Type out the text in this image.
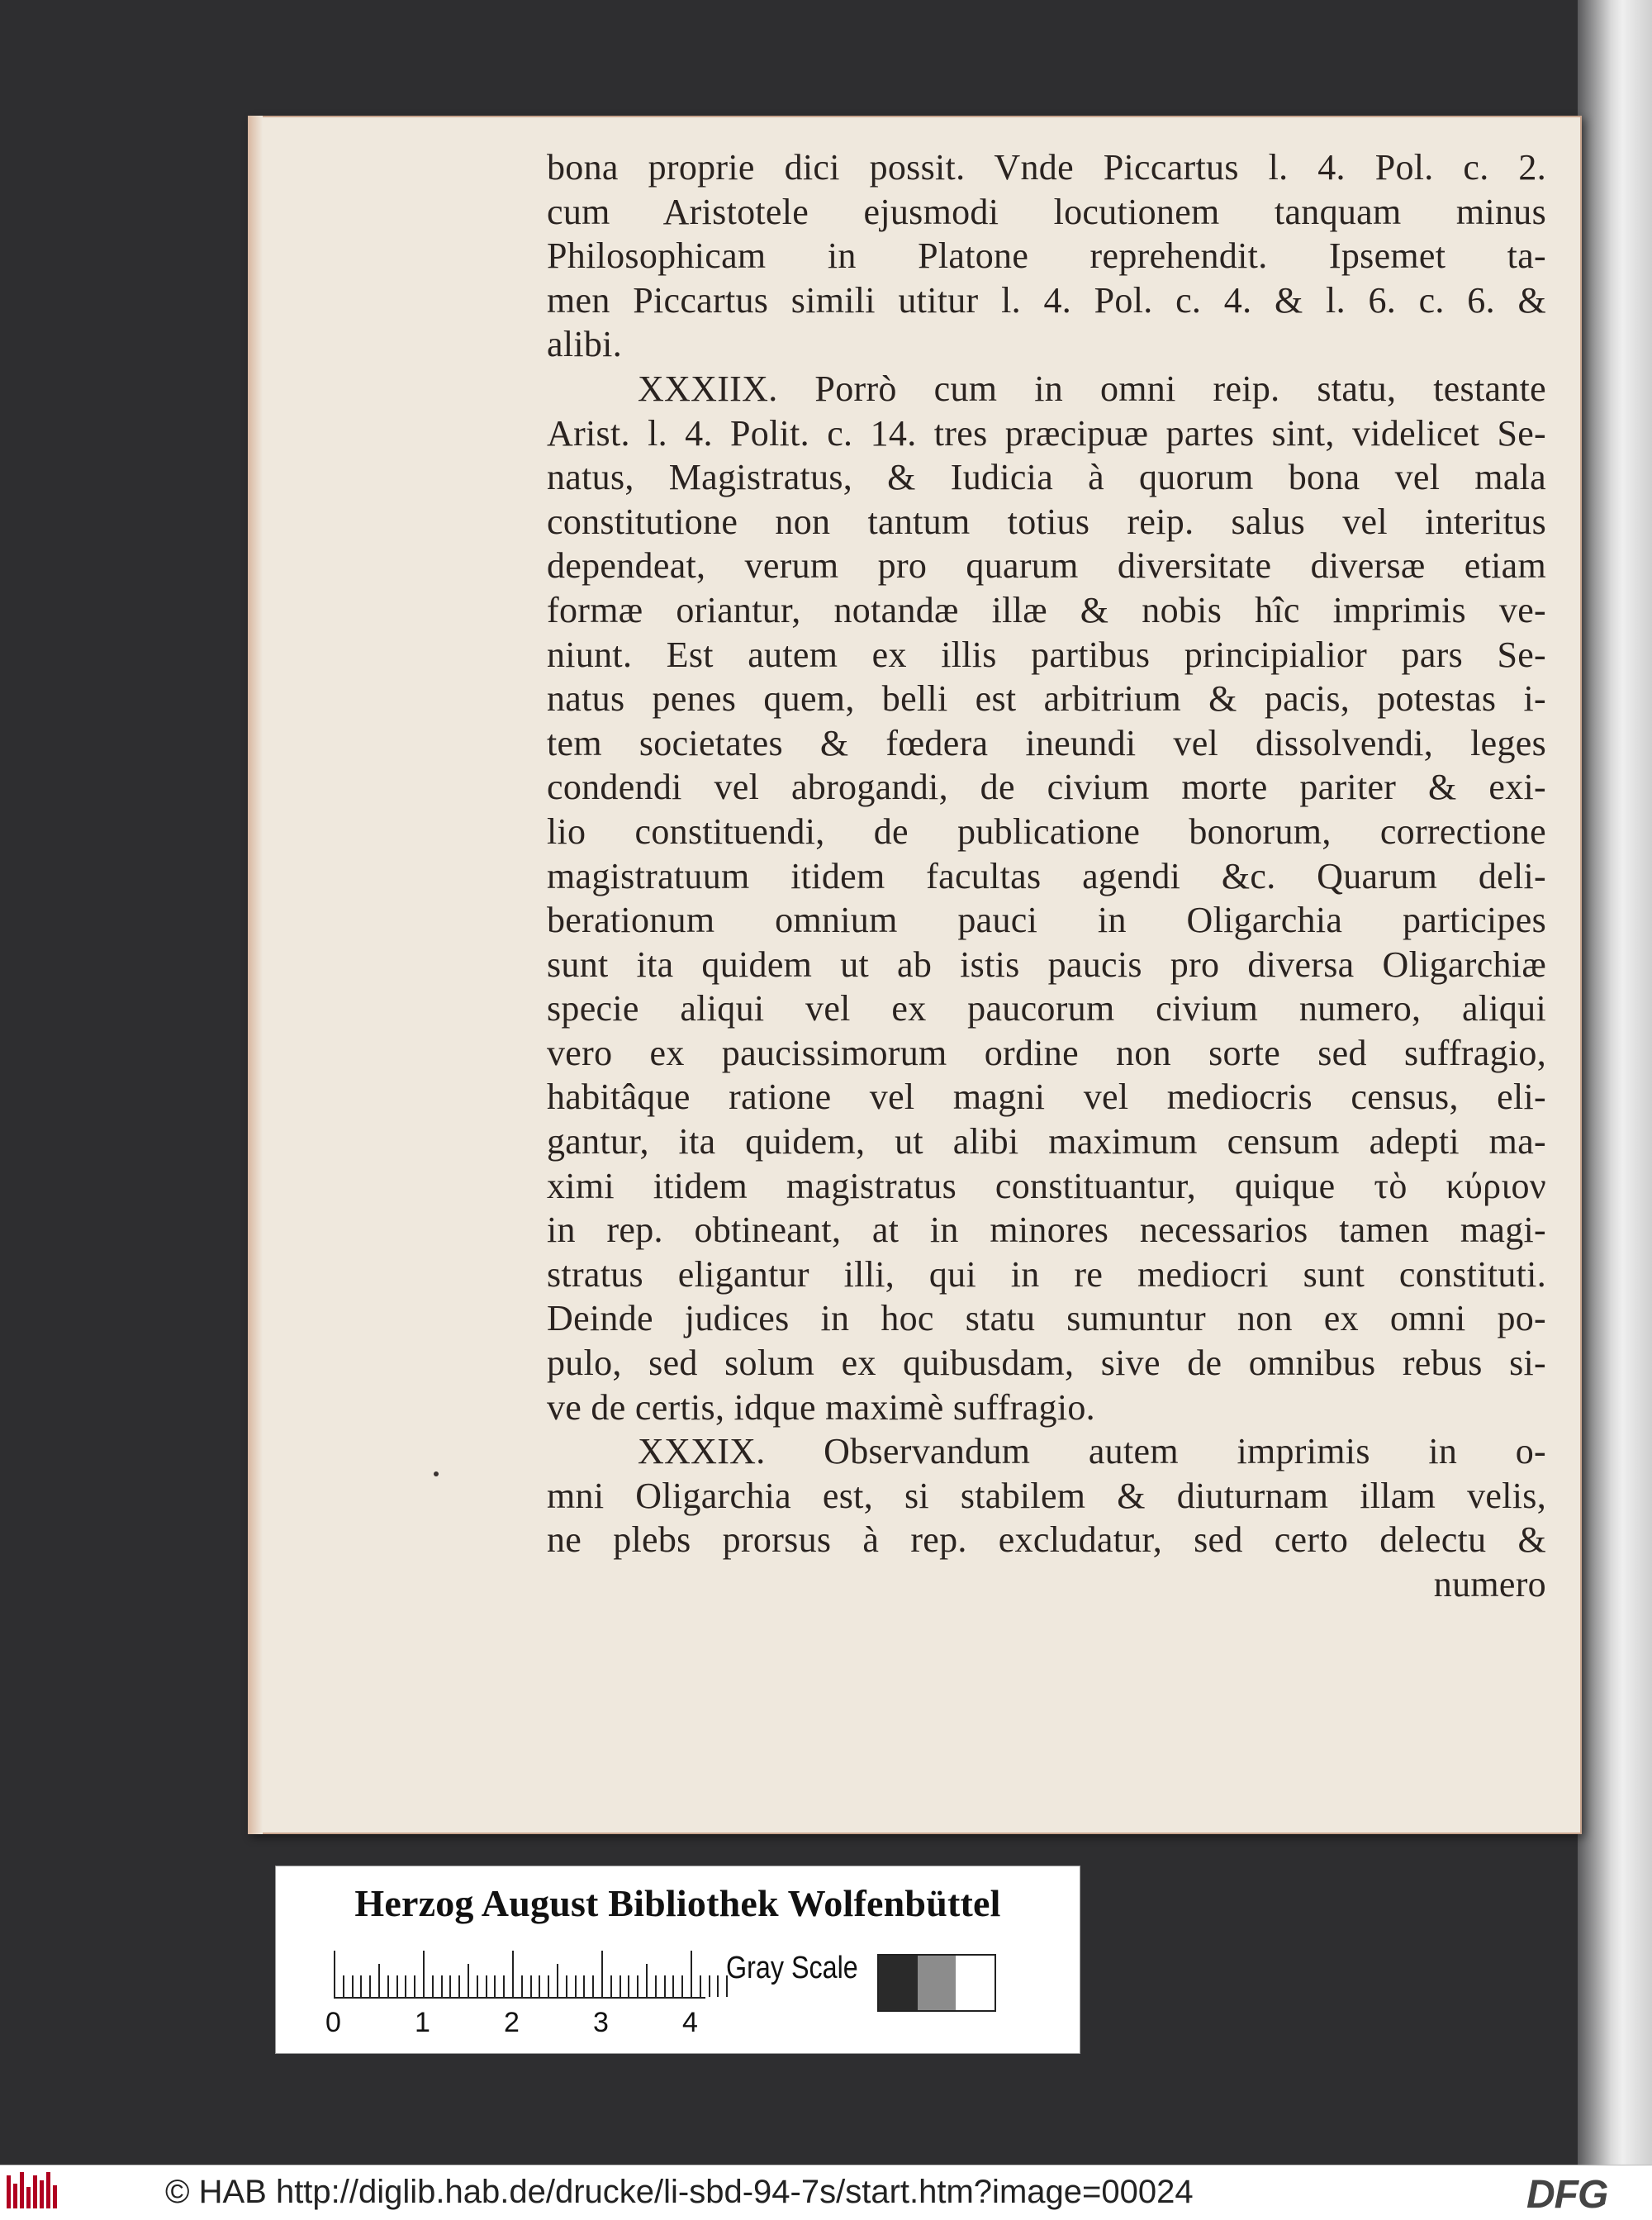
bona proprie dici possit. Vnde Piccartus l. 4. Pol. c. 2.
cum Aristotele ejusmodi locutionem tanquam minus
Philosophicam in Platone reprehendit. Ipsemet ta-
men Piccartus simili utitur l. 4. Pol. c. 4. & l. 6. c. 6. &
alibi.
XXXIIX. Porrò cum in omni reip. statu, testante
Arist. l. 4. Polit. c. 14. tres præcipuæ partes sint, videlicet Se-
natus, Magistratus, & Iudicia à quorum bona vel mala
constitutione non tantum totius reip. salus vel interitus
dependeat, verum pro quarum diversitate diversæ etiam
formæ oriantur, notandæ illæ & nobis hîc imprimis ve-
niunt. Est autem ex illis partibus principialior pars Se-
natus penes quem, belli est arbitrium & pacis, potestas i-
tem societates & fœdera ineundi vel dissolvendi, leges
condendi vel abrogandi, de civium morte pariter & exi-
lio constituendi, de publicatione bonorum, correctione
magistratuum itidem facultas agendi &c. Quarum deli-
berationum omnium pauci in Oligarchia participes
sunt ita quidem ut ab istis paucis pro diversa Oligarchiæ
specie aliqui vel ex paucorum civium numero, aliqui
vero ex paucissimorum ordine non sorte sed suffragio,
habitâque ratione vel magni vel mediocris census, eli-
gantur, ita quidem, ut alibi maximum censum adepti ma-
ximi itidem magistratus constituantur, quique τὸ κύριον
in rep. obtineant, at in minores necessarios tamen magi-
stratus eligantur illi, qui in re mediocri sunt constituti.
Deinde judices in hoc statu sumuntur non ex omni po-
pulo, sed solum ex quibusdam, sive de omnibus rebus si-
ve de certis, idque maximè suffragio.
XXXIX. Observandum autem imprimis in o-
mni Oligarchia est, si stabilem & diuturnam illam velis,
ne plebs prorsus à rep. excludatur, sed certo delectu &
numero
Herzog August Bibliothek Wolfenbüttel
0	1	2	3	4
Gray Scale
© HAB http://diglib.hab.de/drucke/li-sbd-94-7s/start.htm?image=00024	DFG
